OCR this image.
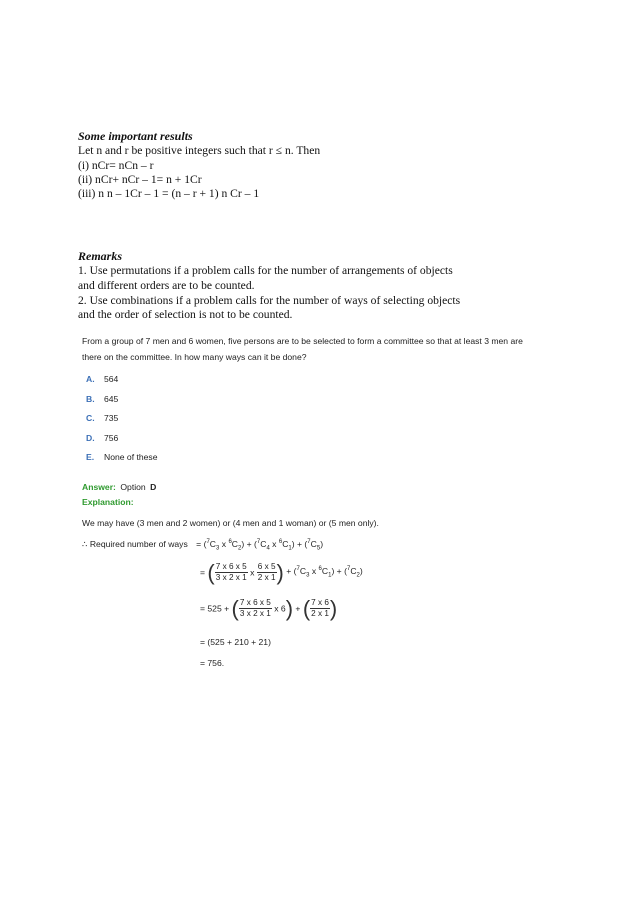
Some important results
Let n and r be positive integers such that r ≤ n. Then
(i) nCr= nCn – r
(ii) nCr+ nCr – 1= n + 1Cr
(iii) n n – 1Cr – 1 = (n – r + 1) n Cr – 1
Remarks
1. Use permutations if a problem calls for the number of arrangements of objects
and different orders are to be counted.
2. Use combinations if a problem calls for the number of ways of selecting objects
and the order of selection is not to be counted.
From a group of 7 men and 6 women, five persons are to be selected to form a committee so that at least 3 men are
there on the committee. In how many ways can it be done?
A. 564
B. 645
C. 735
D. 756
E. None of these
Answer: Option D
Explanation:
We may have (3 men and 2 women) or (4 men and 1 woman) or (5 men only).
∴ Required number of ways = ($^7C_3$ x $^6C_2) + (^7C_4$ x $^6C_1) + (^7C_5)$
= ( $\frac{7 x 6 x 5}{3 x 2 x 1}$ x $\frac{6 x 5}{2 x 1}$ ) + ($^7C_3$ x $^6C_1) + (^7C_2)$
= 525 + ( $\frac{7 x 6 x 5}{3 x 2 x 1}$ x 6) + ( $\frac{7 x 6}{2 x 1}$ )
= (525 + 210 + 21)
= 756.
